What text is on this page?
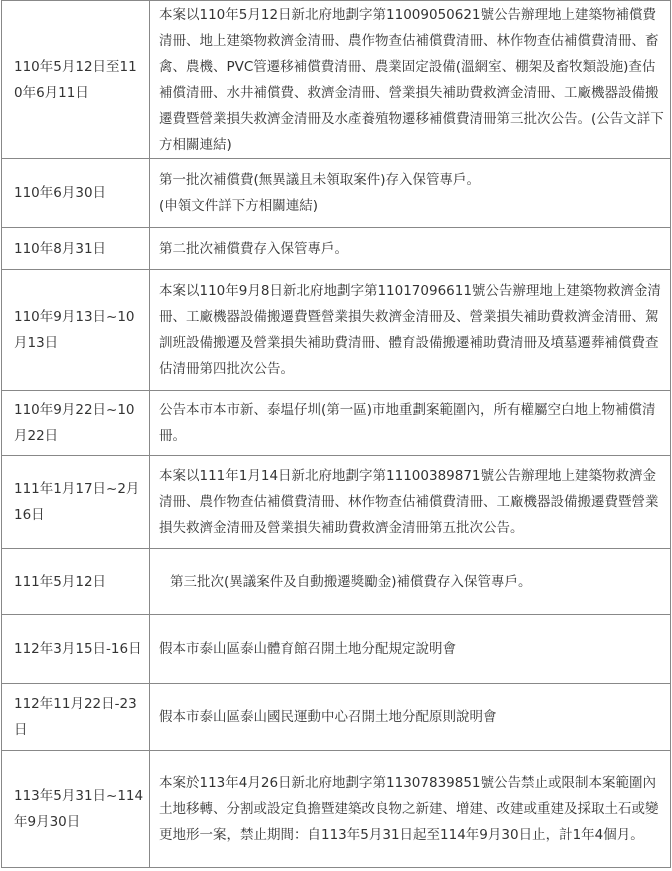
110年5月12日至110年6月11日	本案以110年5月12日新北府地劃字第11009050621號公告辦理地上建築物補償費清冊、地上建築物救濟金清冊、農作物查估補償費清冊、林作物查估補償費清冊、畜禽、農機、PVC管遷移補償費清冊、農業固定設備(溫網室、棚架及畜牧類設施)查估補償清冊、水井補償費、救濟金清冊、營業損失補助費救濟金清冊、工廠機器設備搬遷費暨營業損失救濟金清冊及水產養殖物遷移補償費清冊第三批次公告。(公告文詳下方相關連結)

110年6月30日	第一批次補償費(無異議且未領取案件)存入保管專戶。
(申領文件詳下方相關連結)

110年8月31日	第二批次補償費存入保管專戶。

110年9月13日~10月13日	本案以110年9月8日新北府地劃字第11017096611號公告辦理地上建築物救濟金清冊、工廠機器設備搬遷費暨營業損失救濟金清冊及、營業損失補助費救濟金清冊、駕訓班設備搬遷及營業損失補助費清冊、體育設備搬遷補助費清冊及墳墓遷葬補償費查估清冊第四批次公告。

110年9月22日~10月22日	公告本市本市新、泰塭仔圳(第一區)市地重劃案範圍內，所有權屬空白地上物補償清冊。

111年1月17日~2月16日	本案以111年1月14日新北府地劃字第11100389871號公告辦理地上建築物救濟金清冊、農作物查估補償費清冊、林作物查估補償費清冊、工廠機器設備搬遷費暨營業損失救濟金清冊及營業損失補助費救濟金清冊第五批次公告。

111年5月12日	第三批次(異議案件及自動搬遷獎勵金)補償費存入保管專戶。

112年3月15日-16日	假本市泰山區泰山體育館召開土地分配規定說明會

112年11月22日-23日	假本市泰山區泰山國民運動中心召開土地分配原則說明會

113年5月31日~114年9月30日	本案於113年4月26日新北府地劃字第11307839851號公告禁止或限制本案範圍內土地移轉、分割或設定負擔暨建築改良物之新建、增建、改建或重建及採取土石或變更地形一案，禁止期間：自113年5月31日起至114年9月30日止，計1年4個月。
